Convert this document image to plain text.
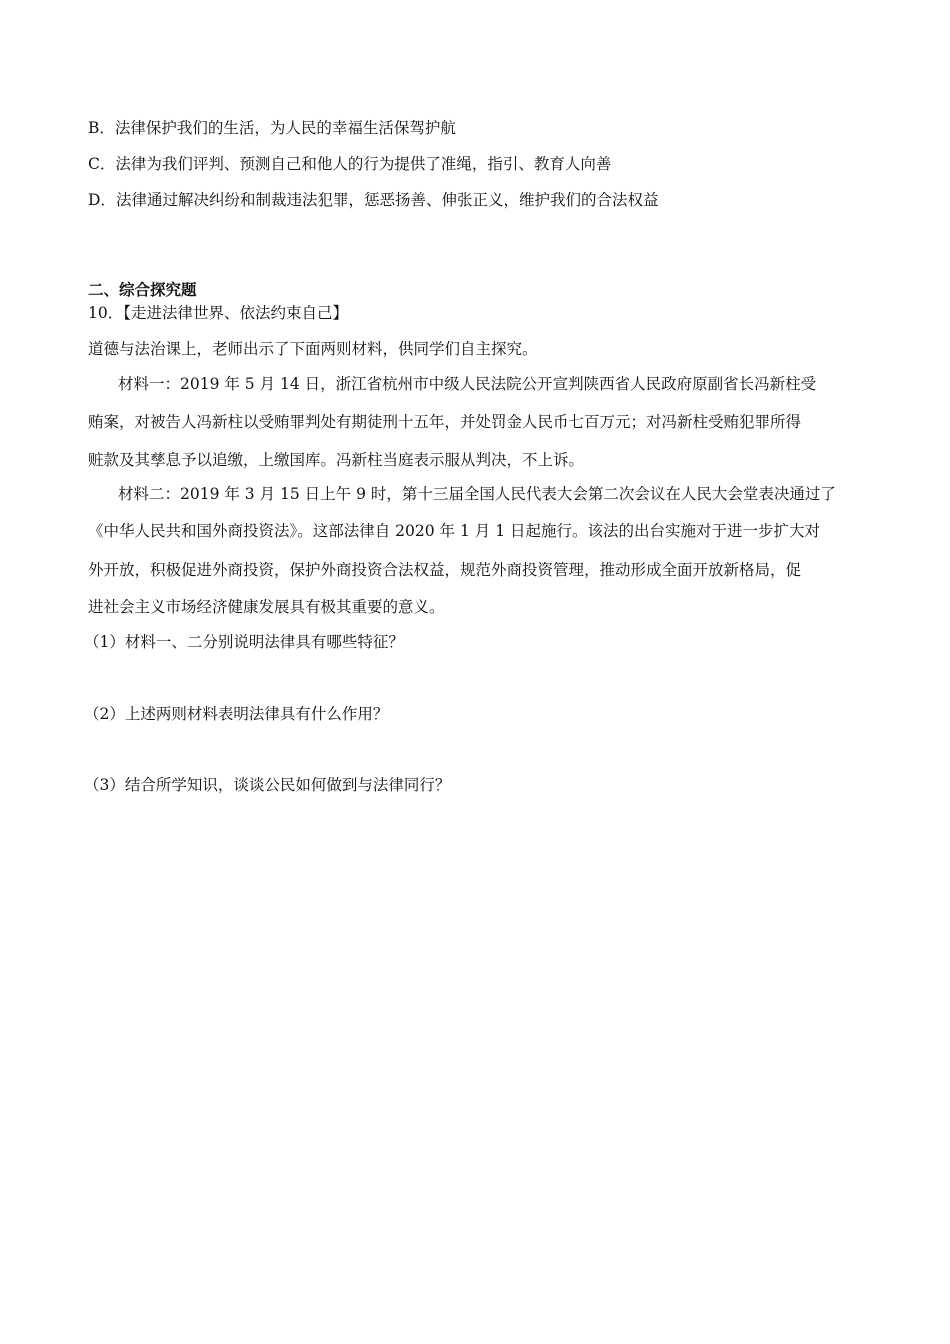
B．法律保护我们的生活，为人民的幸福生活保驾护航
C．法律为我们评判、预测自己和他人的行为提供了准绳，指引、教育人向善
D．法律通过解决纠纷和制裁违法犯罪，惩恶扬善、伸张正义，维护我们的合法权益
二、综合探究题
10．【走进法律世界、依法约束自己】
道德与法治课上，老师出示了下面两则材料，供同学们自主探究。
材料一：2019 年 5 月 14 日，浙江省杭州市中级人民法院公开宣判陕西省人民政府原副省长冯新柱受
贿案，对被告人冯新柱以受贿罪判处有期徒刑十五年，并处罚金人民币七百万元；对冯新柱受贿犯罪所得
赃款及其孳息予以追缴，上缴国库。冯新柱当庭表示服从判决，不上诉。
材料二：2019 年 3 月 15 日上午 9 时，第十三届全国人民代表大会第二次会议在人民大会堂表决通过了
《中华人民共和国外商投资法》。这部法律自 2020 年 1 月 1 日起施行。该法的出台实施对于进一步扩大对
外开放，积极促进外商投资，保护外商投资合法权益，规范外商投资管理，推动形成全面开放新格局，促
进社会主义市场经济健康发展具有极其重要的意义。
（1）材料一、二分别说明法律具有哪些特征？
（2）上述两则材料表明法律具有什么作用？
（3）结合所学知识，谈谈公民如何做到与法律同行？
